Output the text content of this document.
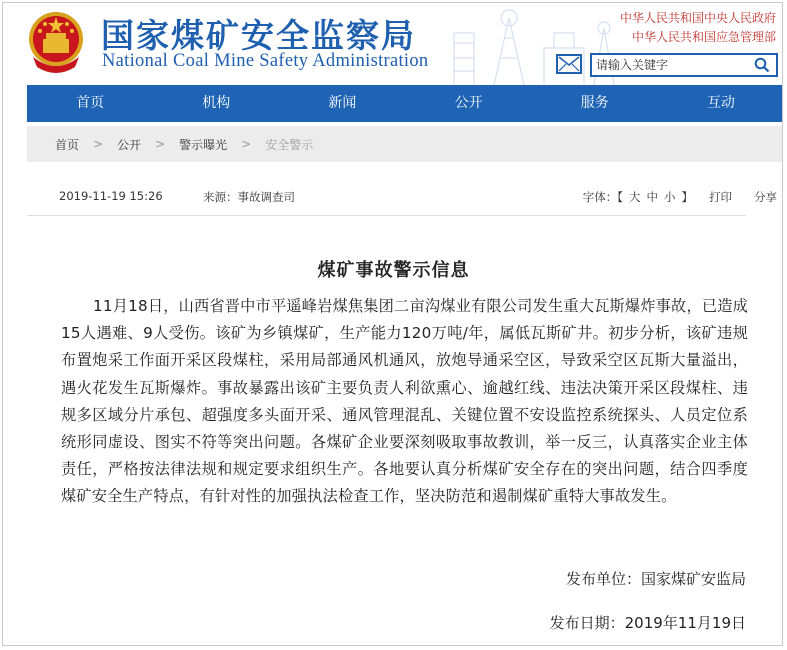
国家煤矿安全监察局
National Coal Mine Safety Administration
中华人民共和国中央人民政府
中华人民共和国应急管理部
请输入关键字
首页	机构	新闻	公开	服务	互动
首页 > 公开 > 警示曝光 > 安全警示
2019-11-19 15:26	来源：事故调查司	字体：【 大 中 小 】 打印 分享
煤矿事故警示信息
11月18日，山西省晋中市平遥峰岩煤焦集团二亩沟煤业有限公司发生重大瓦斯爆炸事故，已造成15人遇难、9人受伤。该矿为乡镇煤矿，生产能力120万吨/年，属低瓦斯矿井。初步分析，该矿违规布置炮采工作面开采区段煤柱，采用局部通风机通风，放炮导通采空区，导致采空区瓦斯大量溢出，遇火花发生瓦斯爆炸。事故暴露出该矿主要负责人利欲熏心、逾越红线、违法决策开采区段煤柱、违规多区域分片承包、超强度多头面开采、通风管理混乱、关键位置不安设监控系统探头、人员定位系统形同虚设、图实不符等突出问题。各煤矿企业要深刻吸取事故教训，举一反三，认真落实企业主体责任，严格按法律法规和规定要求组织生产。各地要认真分析煤矿安全存在的突出问题，结合四季度煤矿安全生产特点，有针对性的加强执法检查工作，坚决防范和遏制煤矿重特大事故发生。
发布单位：国家煤矿安监局
发布日期：2019年11月19日
